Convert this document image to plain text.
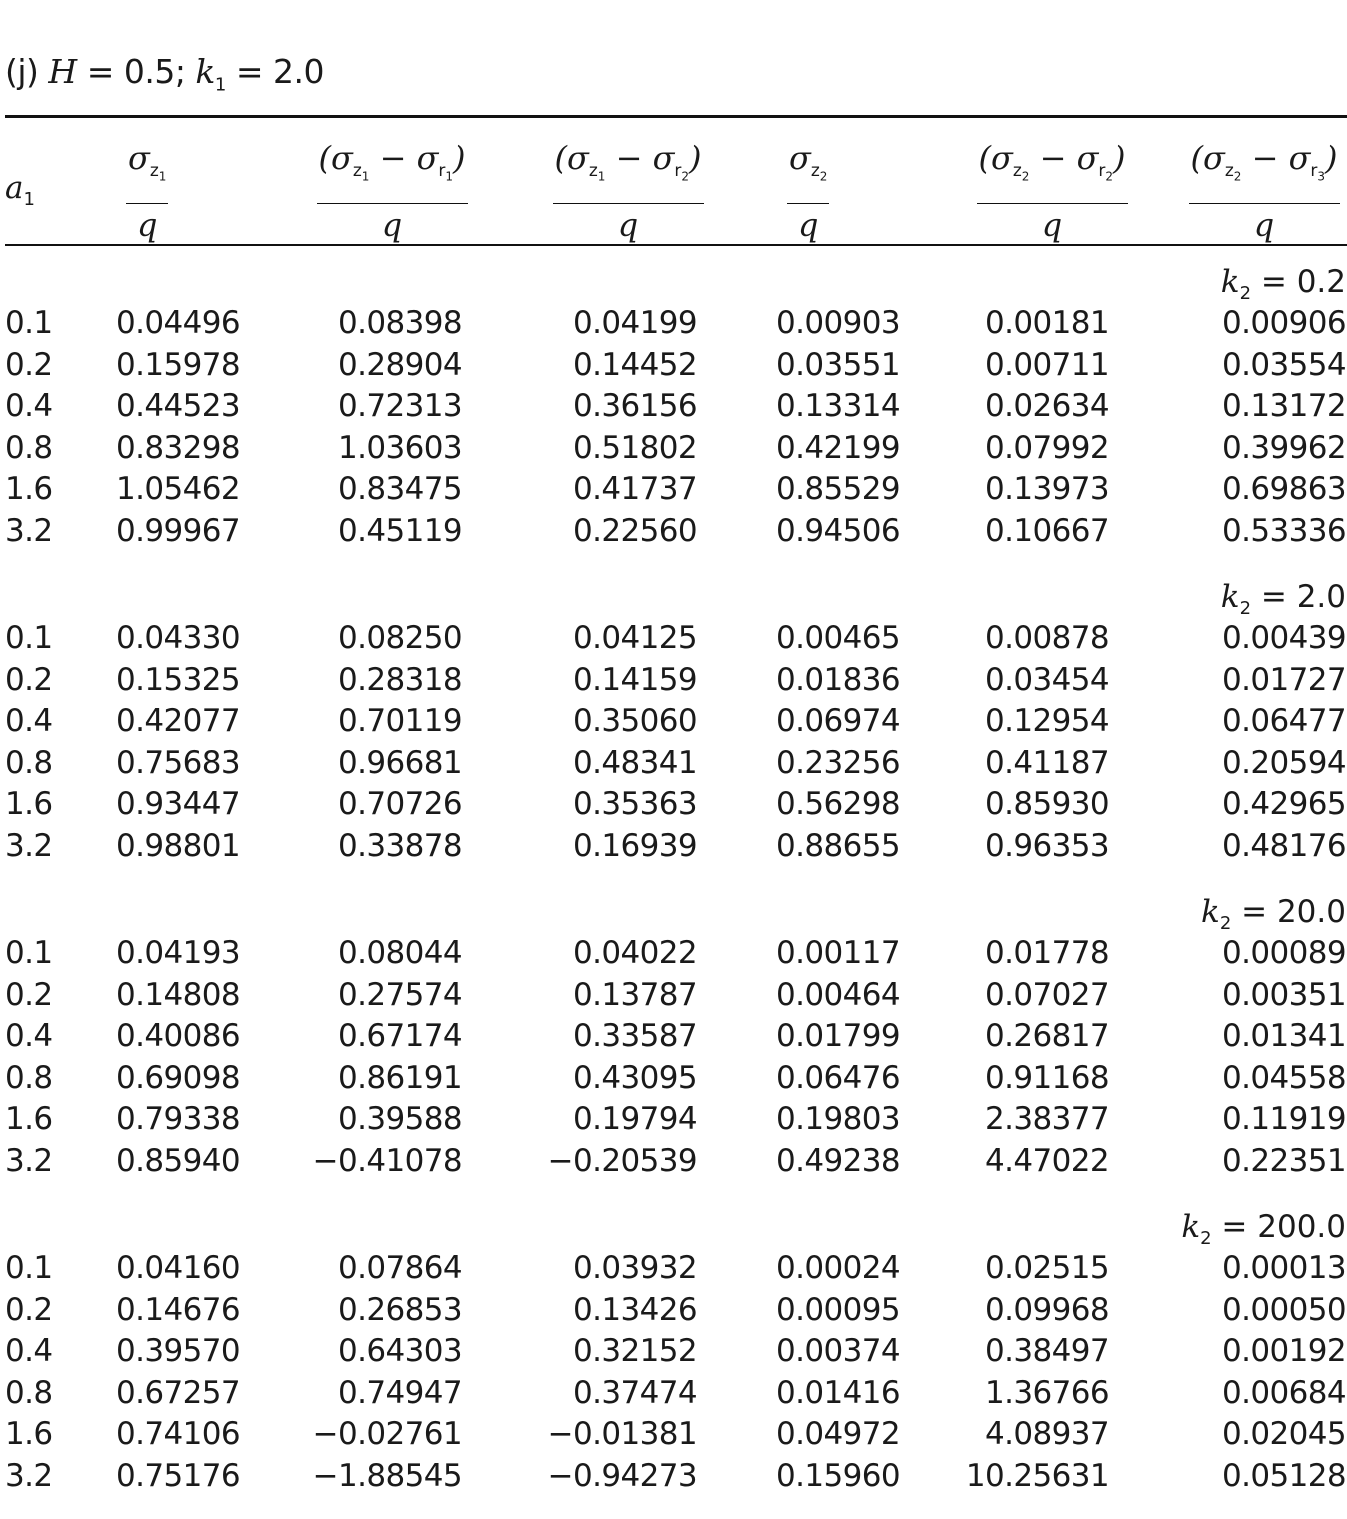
(j) H = 0.5; $k_1 = 2.0$
$a_1$	$\frac{\sigma_{z_1}}{q}$	$\frac{(\sigma_{z_1} - \sigma_{r_1})}{q}$	$\frac{(\sigma_{z_1} - \sigma_{r_2})}{q}$	$\frac{\sigma_{z_2}}{q}$	$\frac{(\sigma_{z_2} - \sigma_{r_2})}{q} \frac{(\sigma_{z_2} - \sigma_{r_3})}{q}$
$k_2 = 0.2$
0.1 0.04496	0.08398	0.04199	0.00903	0.00181	0.00906
0.2 0.15978	0.28904	0.14452	0.03551	0.00711	0.03554
0.4 0.44523	0.72313	0.36156	0.13314	0.02634	0.13172
0.8 0.83298	1.03603	0.51802	0.42199	0.07992	0.39962
1.6 1.05462	0.83475	0.41737	0.85529	0.13973	0.69863
3.2 0.99967	0.45119	0.22560	0.94506	0.10667	0.53336
$k_2 = 2.0$
0.1 0.04330	0.08250	0.04125	0.00465	0.00878	0.00439
0.2 0.15325	0.28318	0.14159	0.01836	0.03454	0.01727
0.4 0.42077	0.70119	0.35060	0.06974	0.12954	0.06477
0.8 0.75683	0.96681	0.48341	0.23256	0.41187	0.20594
1.6 0.93447	0.70726	0.35363	0.56298	0.85930	0.42965
3.2 0.98801	0.33878	0.16939	0.88655	0.96353	0.48176
$k_2 = 20.0$
0.1 0.04193	0.08044	0.04022	0.00117	0.01778	0.00089
0.2 0.14808	0.27574	0.13787	0.00464	0.07027	0.00351
0.4 0.40086	0.67174	0.33587	0.01799	0.26817	0.01341
0.8 0.69098	0.86191	0.43095	0.06476	0.91168	0.04558
1.6 0.79338	0.39588	0.19794	0.19803	2.38377	0.11919
3.2 0.85940 −0.41078	−0.20539	0.49238	4.47022	0.22351
$k_2 = 200.0$
0.1 0.04160	0.07864	0.03932	0.00024	0.02515	0.00013
0.2 0.14676	0.26853	0.13426	0.00095	0.09968	0.00050
0.4 0.39570	0.64303	0.32152	0.00374	0.38497	0.00192
0.8 0.67257	0.74947	0.37474	0.01416	1.36766	0.00684
1.6 0.74106 −0.02761	−0.01381	0.04972	4.08937	0.02045
3.2 0.75176 −1.88545	−0.94273	0.15960 10.25631	0.05128
